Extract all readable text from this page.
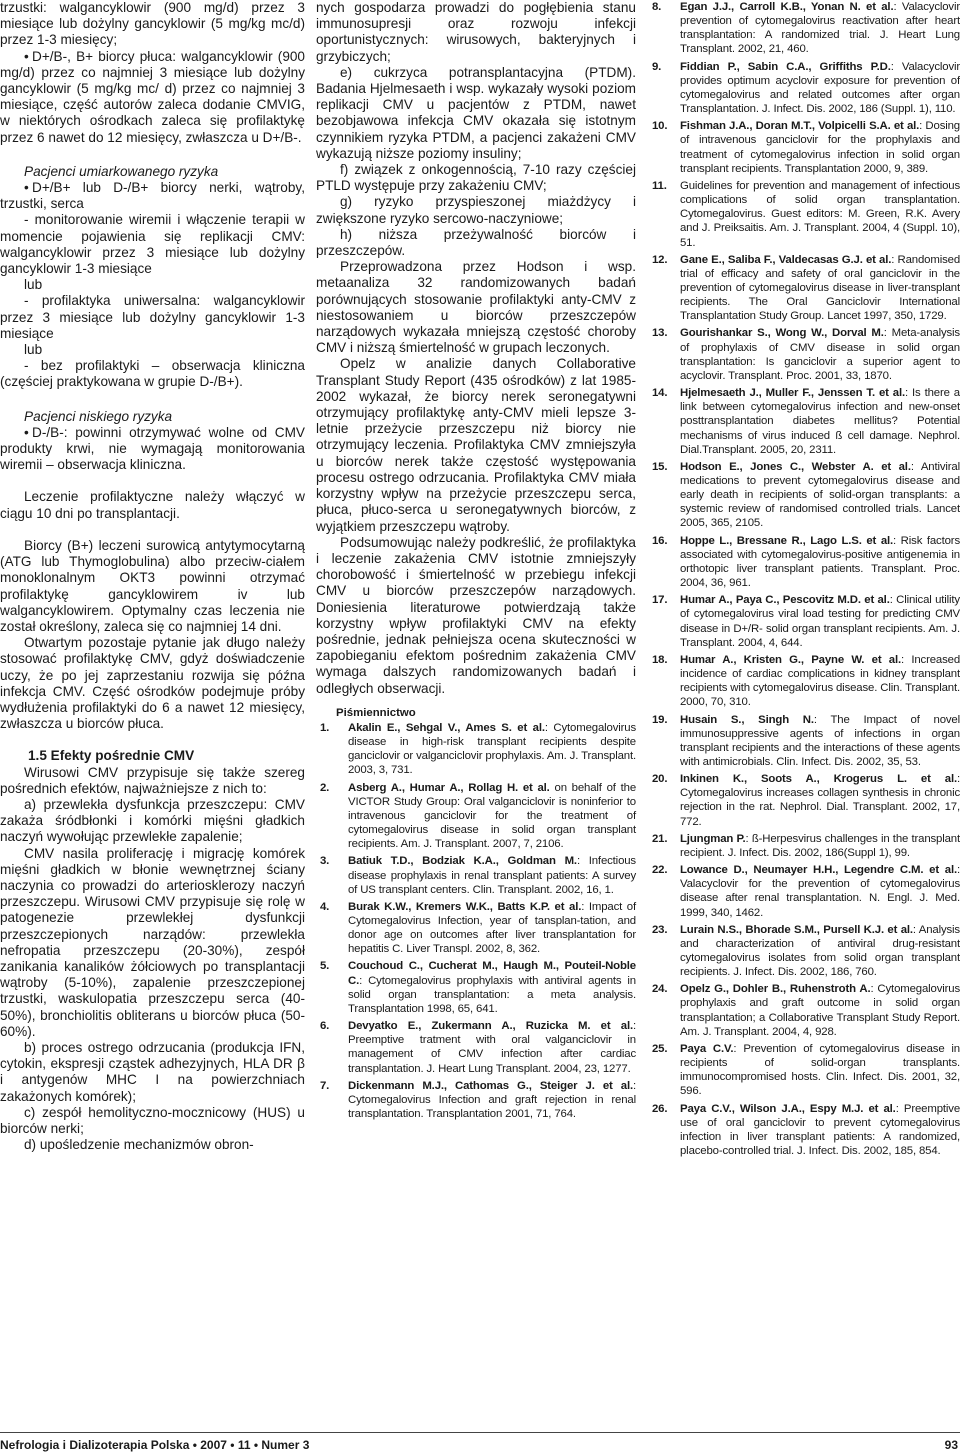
trzustki: walgancyklowir (900 mg/d) przez 3 miesiące lub dożylny gancyklowir (5 mg/kg mc/d) przez 1-3 miesięcy;

• D+/B-, B+ biorcy płuca: walgancyklowir (900 mg/d) przez co najmniej 3 miesiące lub dożylny gancyklowir (5 mg/kg mc/ d) przez co najmniej 3 miesiące, część autorów zaleca dodanie CMVIG, w niektórych ośrodkach zaleca się profilaktykę przez 6 nawet do 12 miesięcy, zwłaszcza u D+/B-.

Pacjenci umiarkowanego ryzyka

• D+/B+ lub D-/B+ biorcy nerki, wątroby, trzustki, serca

- monitorowanie wiremii i włączenie terapii w momencie pojawienia się replikacji CMV: walgancyklowir przez 3 miesiące lub dożylny gancyklowir 1-3 miesiące

lub

- profilaktyka uniwersalna: walgancyklowir przez 3 miesiące lub dożylny gancyklowir 1-3 miesiące

lub

- bez profilaktyki – obserwacja kliniczna (częściej praktykowana w grupie D-/B+).

Pacjenci niskiego ryzyka

• D-/B-: powinni otrzymywać wolne od CMV produkty krwi, nie wymagają monitorowania wiremii – obserwacja kliniczna.

Leczenie profilaktyczne należy włączyć w ciągu 10 dni po transplantacji.

Biorcy (B+) leczeni surowicą antytymocytarną (ATG lub Thymoglobulina) albo przeciw-ciałem monoklonalnym OKT3 powinni otrzymać profilaktykę gancyklowirem iv lub walgancyklowirem. Optymalny czas leczenia nie został określony, zaleca się co najmniej 14 dni.

Otwartym pozostaje pytanie jak długo należy stosować profilaktykę CMV, gdyż doświadczenie uczy, że po jej zaprzestaniu rozwija się późna infekcja CMV. Część ośrodków podejmuje próby wydłużenia profilaktyki do 6 a nawet 12 miesięcy, zwłaszcza u biorców płuca.

1.5 Efekty pośrednie CMV

Wirusowi CMV przypisuje się także szereg pośrednich efektów, najważniejsze z nich to:

a) przewlekła dysfunkcja przeszczepu: CMV zakaża śródbłonki i komórki mięśni gładkich naczyń wywołując przewlekłe zapalenie;

CMV nasila proliferację i migrację komórek mięśni gładkich w błonie wewnętrznej ściany naczynia co prowadzi do arteriosklerozy naczyń przeszczepu. Wirusowi CMV przypisuje się rolę w patogenezie przewlekłej dysfunkcji przeszczepionych narządów: przewlekła nefropatia przeszczepu (20-30%), zespół zanikania kanalików żółciowych po transplantacji wątroby (5-10%), zapalenie przeszczepionej trzustki, waskulopatia przeszczepu serca (40-50%), bronchiolitis obliterans u biorców płuca (50-60%).

b) proces ostrego odrzucania (produkcja IFN, cytokin, ekspresji cząstek adhezyjnych, HLA DR β i antygenów MHC I na powierzchniach zakażonych komórek);

c) zespół hemolityczno-mocznicowy (HUS) u biorców nerki;

d) upośledzenie mechanizmów obron-

nych gospodarza prowadzi do pogłębienia stanu immunosupresji oraz rozwoju infekcji oportunistycznych: wirusowych, bakteryjnych i grzybiczych;

e) cukrzyca potransplantacyjna (PTDM). Badania Hjelmesaeth i wsp. wykazały wysoki poziom replikacji CMV u pacjentów z PTDM, nawet bezobjawowa infekcja CMV okazała się istotnym czynnikiem ryzyka PTDM, a pacjenci zakażeni CMV wykazują niższe poziomy insuliny;

f) związek z onkogennością, 7-10 razy częściej PTLD występuje przy zakażeniu CMV;

g) ryzyko przyspieszonej miażdżycy i zwiększone ryzyko sercowo-naczyniowe;

h) niższa przeżywalność biorców i przeszczepów.

Przeprowadzona przez Hodson i wsp. metaanaliza 32 randomizowanych badań porównujących stosowanie profilaktyki anty-CMV z niestosowaniem u biorców przeszczepów narządowych wykazała mniejszą częstość choroby CMV i niższą śmiertelność w grupach leczonych.

Opelz w analizie danych Collaborative Transplant Study Report (435 ośrodków) z lat 1985-2002 wykazał, że biorcy nerek seronegatywni otrzymujący profilaktykę anty-CMV mieli lepsze 3-letnie przeżycie przeszczepu niż biorcy nie otrzymujący leczenia. Profilaktyka CMV zmniejszyła u biorców nerek także częstość występowania procesu ostrego odrzucania. Profilaktyka CMV miała korzystny wpływ na przeżycie przeszczepu serca, płuca, płuco-serca u seronegatywnych biorców, z wyjątkiem przeszczepu wątroby.

Podsumowując należy podkreślić, że profilaktyka i leczenie zakażenia CMV istotnie zmniejszyły chorobowość i śmiertelność w przebiegu infekcji CMV u biorców przeszczepów narządowych. Doniesienia literaturowe potwierdzają także korzystny wpływ profilaktyki CMV na efekty pośrednie, jednak pełniejsza ocena skuteczności w zapobieganiu efektom pośrednim zakażenia CMV wymaga dalszych randomizowanych badań i odległych obserwacji.

Piśmiennictwo

1. Akalin E., Sehgal V., Ames S. et al.: Cytomegalovirus disease in high-risk transplant recipients despite ganciclovir or valganciclovir prophylaxis. Am. J. Transplant. 2003, 3, 731.

2. Asberg A., Humar A., Rollag H. et al. on behalf of the VICTOR Study Group: Oral valganciclovir is noninferior to intravenous ganciclovir for the treatment of cytomegalovirus disease in solid organ transplant recipients. Am. J. Transplant. 2007, 7, 2106.

3. Batiuk T.D., Bodziak K.A., Goldman M.: Infectious disease prophylaxis in renal transplant patients: A survey of US transplant centers. Clin. Transplant. 2002, 16, 1.

4. Burak K.W., Kremers W.K., Batts K.P. et al.: Impact of Cytomegalovirus Infection, year of tansplan-tation, and donor age on outcomes after liver transplantation for hepatitis C. Liver Transpl. 2002, 8, 362.

5. Couchoud C., Cucherat M., Haugh M., Pouteil-Noble C.: Cytomegalovirus prophylaxis with antiviral agents in solid organ transplantation: a meta analysis. Transplantation 1998, 65, 641.

6. Devyatko E., Zukermann A., Ruzicka M. et al.: Preemptive tratment with oral valganciclovir in management of CMV infection after cardiac transplantation. J. Heart Lung Transplant. 2004, 23, 1277.

7. Dickenmann M.J., Cathomas G., Steiger J. et al.: Cytomegalovirus Infection and graft rejection in renal transplantation. Transplantation 2001, 71, 764.

8. Egan J.J., Carroll K.B., Yonan N. et al.: Valacyclovir prevention of cytomegalovirus reactivation after heart transplantation: A randomized trial. J. Heart Lung Transplant. 2002, 21, 460.

9. Fiddian P., Sabin C.A., Griffiths P.D.: Valacyclovir provides optimum acyclovir exposure for prevention of cytomegalovirus and related outcomes after organ Transplantation. J. Infect. Dis. 2002, 186 (Suppl. 1), 110.

10. Fishman J.A., Doran M.T., Volpicelli S.A. et al.: Dosing of intravenous ganciclovir for the prophylaxis and treatment of cytomegalovirus infection in solid organ transplant recipients. Transplantation 2000, 9, 389.

11. Guidelines for prevention and management of infectious complications of solid organ transplantation. Cytomegalovirus. Guest editors: M. Green, R.K. Avery and J. Preiksaitis. Am. J. Transplant. 2004, 4 (Suppl. 10), 51.

12. Gane E., Saliba F., Valdecasas G.J. et al.: Randomised trial of efficacy and safety of oral ganciclovir in the prevention of cytomegalovirus disease in liver-transplant recipients. The Oral Ganciclovir International Transplantation Study Group. Lancet 1997, 350, 1729.

13. Gourishankar S., Wong W., Dorval M.: Meta-analysis of prophylaxis of CMV disease in solid organ transplantation: Is ganciclovir a superior agent to acyclovir. Transplant. Proc. 2001, 33, 1870.

14. Hjelmesaeth J., Muller F., Jenssen T. et al.: Is there a link between cytomegalovirus infection and new-onset posttransplantation diabetes mellitus? Potential mechanisms of virus induced ß cell damage. Nephrol. Dial.Transplant. 2005, 20, 2311.

15. Hodson E., Jones C., Webster A. et al.: Antiviral medications to prevent cytomegalovirus disease and early death in recipients of solid-organ transplants: a systemic review of randomised controlled trials. Lancet 2005, 365, 2105.

16. Hoppe L., Bressane R., Lago L.S. et al.: Risk factors associated with cytomegalovirus-positive antigenemia in orthotopic liver transplant patients. Transplant. Proc. 2004, 36, 961.

17. Humar A., Paya C., Pescovitz M.D. et al.: Clinical utility of cytomegalovirus viral load testing for predicting CMV disease in D+/R- solid organ transplant recipients. Am. J. Transplant. 2004, 4, 644.

18. Humar A., Kristen G., Payne W. et al.: Increased incidence of cardiac complications in kidney transplant recipients with cytomegalovirus disease. Clin. Transplant. 2000, 70, 310.

19. Husain S., Singh N.: The Impact of novel immunosuppressive agents of infections in organ transplant recipients and the interactions of these agents with antimicrobials. Clin. Infect. Dis. 2002, 35, 53.

20. Inkinen K., Soots A., Krogerus L. et al.: Cytomegalovirus increases collagen synthesis in chronic rejection in the rat. Nephrol. Dial. Transplant. 2002, 17, 772.

21. Ljungman P.: ß-Herpesvirus challenges in the transplant recipient. J. Infect. Dis. 2002, 186(Suppl 1), 99.

22. Lowance D., Neumayer H.H., Legendre C.M. et al.: Valacyclovir for the prevention of cytomegalovirus disease after renal transplantation. N. Engl. J. Med. 1999, 340, 1462.

23. Lurain N.S., Bhorade S.M., Pursell K.J. et al.: Analysis and characterization of antiviral drug-resistant cytomegalovirus isolates from solid organ transplant recipients. J. Infect. Dis. 2002, 186, 760.

24. Opelz G., Dohler B., Ruhenstroth A.: Cytomegalovirus prophylaxis and graft outcome in solid organ transplantation; a Collaborative Transplant Study Report. Am. J. Transplant. 2004, 4, 928.

25. Paya C.V.: Prevention of cytomegalovirus disease in recipients of solid-organ transplants. immunocompromised hosts. Clin. Infect. Dis. 2001, 32, 596.

26. Paya C.V., Wilson J.A., Espy M.J. et al.: Preemptive use of oral ganciclovir to prevent cytomegalovirus infection in liver transplant patients: A randomized, placebo-controlled trial. J. Infect. Dis. 2002, 185, 854.

Nefrologia i Dializoterapia Polska • 2007 • 11 • Numer 3	93
